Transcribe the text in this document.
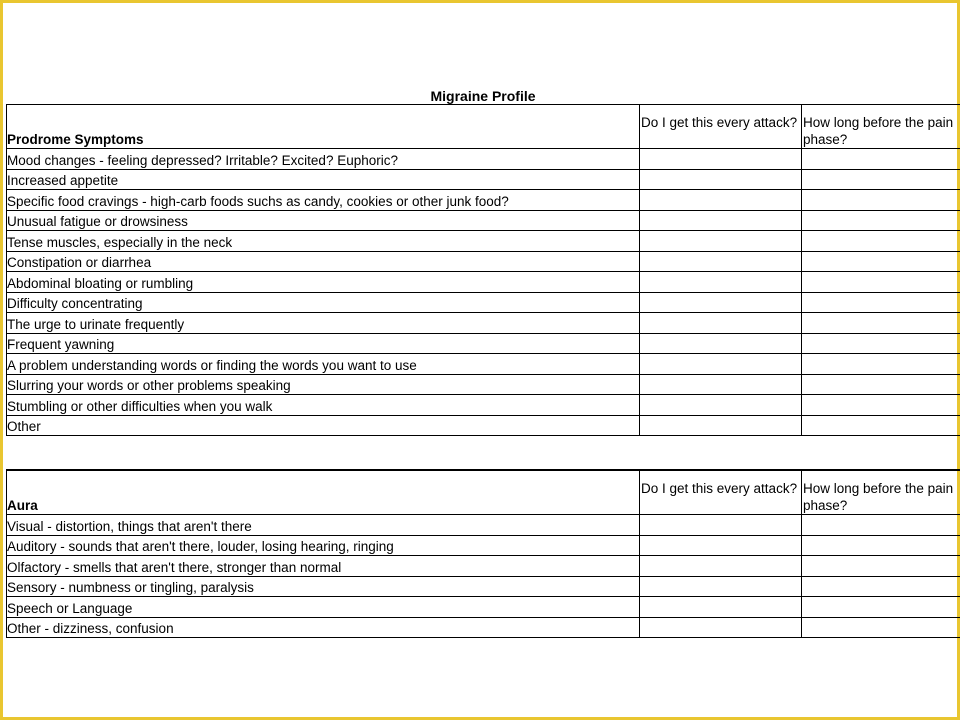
Migraine Profile
Prodrome Symptoms	Do I get this every attack?	How long before the pain phase?
Mood changes - feeling depressed? Irritable? Excited? Euphoric?		
Increased appetite		
Specific food cravings - high-carb foods suchs as candy, cookies or other junk food?		
Unusual fatigue or drowsiness		
Tense muscles, especially in the neck		
Constipation or diarrhea		
Abdominal bloating or rumbling		
Difficulty concentrating		
The urge to urinate frequently		
Frequent yawning		
A problem understanding words or finding the words you want to use		
Slurring your words or other problems speaking		
Stumbling or other difficulties when you walk		
Other		
Aura	Do I get this every attack?	How long before the pain phase?
Visual - distortion, things that aren't there		
Auditory - sounds that aren't there, louder, losing hearing, ringing		
Olfactory - smells that aren't there, stronger than normal		
Sensory - numbness or tingling, paralysis		
Speech or Language		
Other - dizziness, confusion		
